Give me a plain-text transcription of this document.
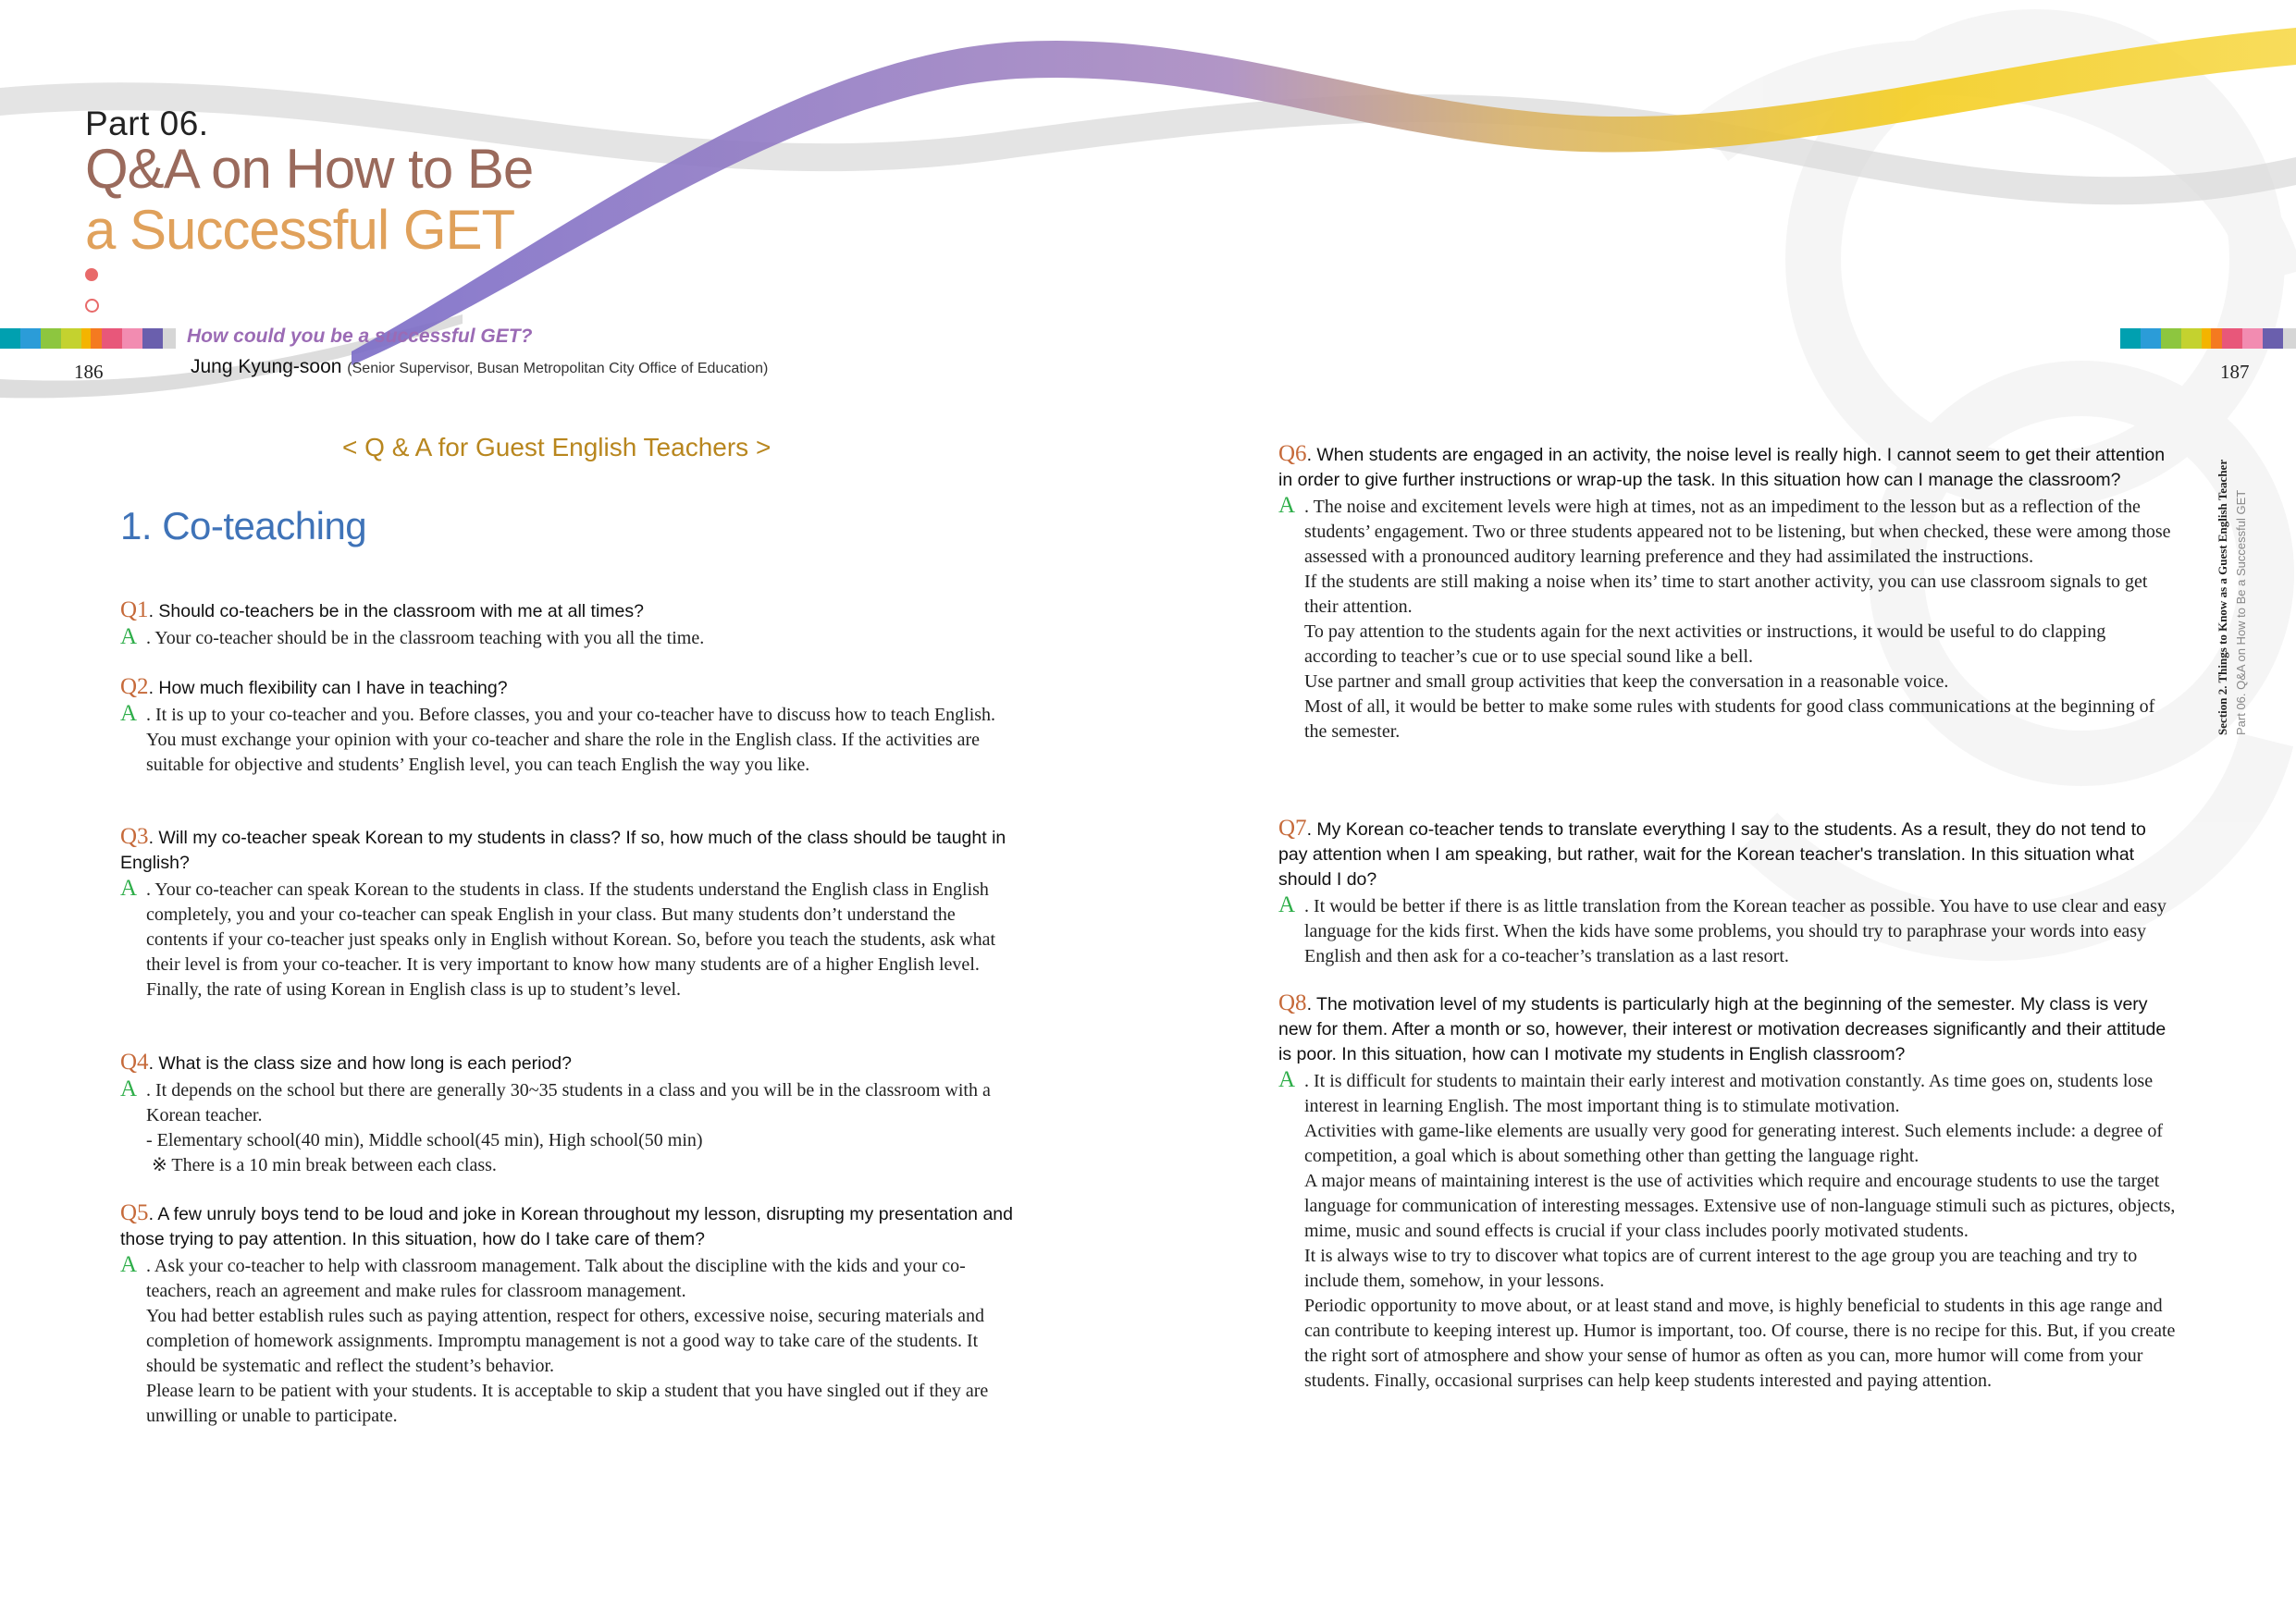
Part 06.
Q&A on How to Be
a Successful GET
How could you be a successful GET?
Jung Kyung-soon (Senior Supervisor, Busan Metropolitan City Office of Education)
186	187
Section 2. Things to Know as a Guest English Teacher Part 06. Q&A on How to Be a Successful GET
< Q & A for Guest English Teachers >
1. Co-teaching
Q1. Should co-teachers be in the classroom with me at all times?
A . Your co-teacher should be in the classroom teaching with you all the time.
Q2. How much flexibility can I have in teaching?
A . It is up to your co-teacher and you. Before classes, you and your co-teacher have to discuss how to teach English. You must exchange your opinion with your co-teacher and share the role in the English class. If the activities are suitable for objective and students’ English level, you can teach English the way you like.
Q3. Will my co-teacher speak Korean to my students in class? If so, how much of the class should be taught in English?
A . Your co-teacher can speak Korean to the students in class. If the students understand the English class in English completely, you and your co-teacher can speak English in your class. But many students don’t understand the contents if your co-teacher just speaks only in English without Korean. So, before you teach the students, ask what their level is from your co-teacher. It is very important to know how many students are of a higher English level. Finally, the rate of using Korean in English class is up to student’s level.
Q4. What is the class size and how long is each period?
A . It depends on the school but there are generally 30~35 students in a class and you will be in the classroom with a Korean teacher.

- Elementary school(40 min), Middle school(45 min), High school(50 min)

※ There is a 10 min break between each class.

Q5. A few unruly boys tend to be loud and joke in Korean throughout my lesson, disrupting my presentation and those trying to pay attention. In this situation, how do I take care of them?
A . Ask your co-teacher to help with classroom management. Talk about the discipline with the kids and your co-teachers, reach an agreement and make rules for classroom management.

You had better establish rules such as paying attention, respect for others, excessive noise, securing materials and completion of homework assignments. Impromptu management is not a good way to take care of the students. It should be systematic and reflect the student’s behavior.

Please learn to be patient with your students. It is acceptable to skip a student that you have singled out if they are unwilling or unable to participate.

Q6. When students are engaged in an activity, the noise level is really high. I cannot seem to get their attention in order to give further instructions or wrap-up the task. In this situation how can I manage the classroom?
A . The noise and excitement levels were high at times, not as an impediment to the lesson but as a reflection of the students’ engagement. Two or three students appeared not to be listening, but when checked, these were among those assessed with a pronounced auditory learning preference and they had assimilated the instructions.

If the students are still making a noise when its’ time to start another activity, you can use classroom signals to get their attention.

To pay attention to the students again for the next activities or instructions, it would be useful to do clapping according to teacher’s cue or to use special sound like a bell.

Use partner and small group activities that keep the conversation in a reasonable voice.

Most of all, it would be better to make some rules with students for good class communications at the beginning of the semester.

Q7. My Korean co-teacher tends to translate everything I say to the students. As a result, they do not tend to pay attention when I am speaking, but rather, wait for the Korean teacher's translation. In this situation what should I do?
A . It would be better if there is as little translation from the Korean teacher as possible. You have to use clear and easy language for the kids first. When the kids have some problems, you should try to paraphrase your words into easy English and then ask for a co-teacher’s translation as a last resort.
Q8. The motivation level of my students is particularly high at the beginning of the semester. My class is very new for them. After a month or so, however, their interest or motivation decreases significantly and their attitude is poor. In this situation, how can I motivate my students in English classroom?
A . It is difficult for students to maintain their early interest and motivation constantly. As time goes on, students lose interest in learning English. The most important thing is to stimulate motivation.

Activities with game-like elements are usually very good for generating interest. Such elements include: a degree of competition, a goal which is about something other than getting the language right.

A major means of maintaining interest is the use of activities which require and encourage students to use the target language for communication of interesting messages. Extensive use of non-language stimuli such as pictures, objects, mime, music and sound effects is crucial if your class includes poorly motivated students.

It is always wise to try to discover what topics are of current interest to the age group you are teaching and try to include them, somehow, in your lessons.

Periodic opportunity to move about, or at least stand and move, is highly beneficial to students in this age range and can contribute to keeping interest up. Humor is important, too. Of course, there is no recipe for this. But, if you create the right sort of atmosphere and show your sense of humor as often as you can, more humor will come from your students. Finally, occasional surprises can help keep students interested and paying attention.
